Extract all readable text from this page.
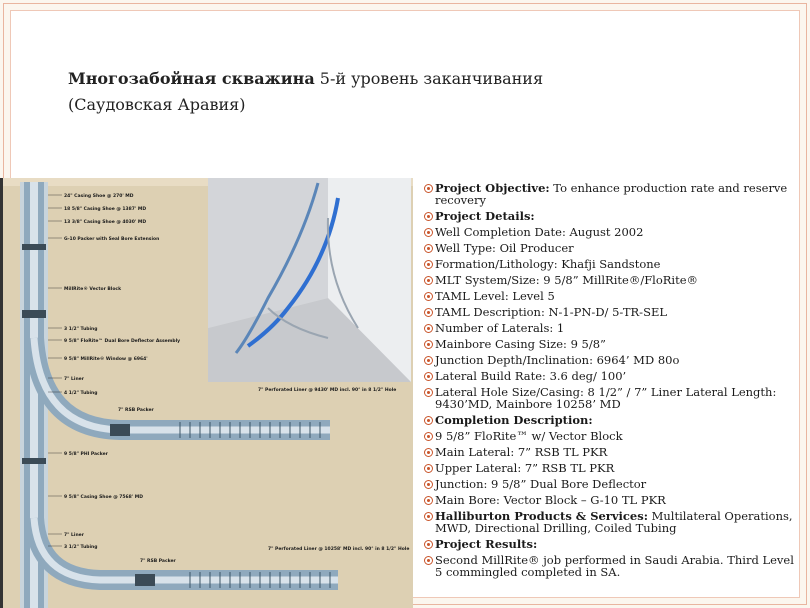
Многозабойная скважина 5-й уровень заканчивания
(Саудовская Аравия)
24" Casing Shoe @ 270' MD
18 5/8" Casing Shoe @ 1387' MD
13 3/8" Casing Shoe @ 4030' MD
G-10 Packer with Seal Bore Extension
MillRite® Vector Block
3 1/2" Tubing
9 5/8" FloRite™ Dual Bore Deflector Assembly
9 5/8" MillRite® Window @ 6964'
7" Liner
4 1/2" Tubing
7" RSB Packer
7" Perforated Liner @ 9430' MD incl. 90° in 8 1/2" Hole
9 5/8" PHI Packer
9 5/8" Casing Shoe @ 7568' MD
7" Liner
3 1/2" Tubing
7" RSB Packer
7" Perforated Liner @ 10258' MD incl. 90° in 8 1/2" Hole
Project Objective: To enhance production rate and reserve recovery
Project Details:
Well Completion Date: August 2002
Well Type: Oil Producer
Formation/Lithology: Khafji Sandstone
MLT System/Size: 9 5/8” MillRite®/FloRite®
TAML Level: Level 5
TAML Description: N-1-PN-D/ 5-TR-SEL
Number of Laterals: 1
Mainbore Casing Size: 9 5/8”
Junction Depth/Inclination: 6964’ MD 80o
Lateral Build Rate: 3.6 deg/ 100’
Lateral Hole Size/Casing: 8 1/2” / 7” Liner Lateral Length: 9430’MD, Mainbore 10258’ MD
Completion Description:
9 5/8” FloRite™ w/ Vector Block
Main Lateral: 7” RSB TL PKR
Upper Lateral: 7” RSB TL PKR
Junction: 9 5/8” Dual Bore Deflector
Main Bore: Vector Block – G-10 TL PKR
Halliburton Products & Services: Multilateral Operations, MWD, Directional Drilling, Coiled Tubing
Project Results:
Second MillRite® job performed in Saudi Arabia. Third Level 5 commingled completed in SA.
